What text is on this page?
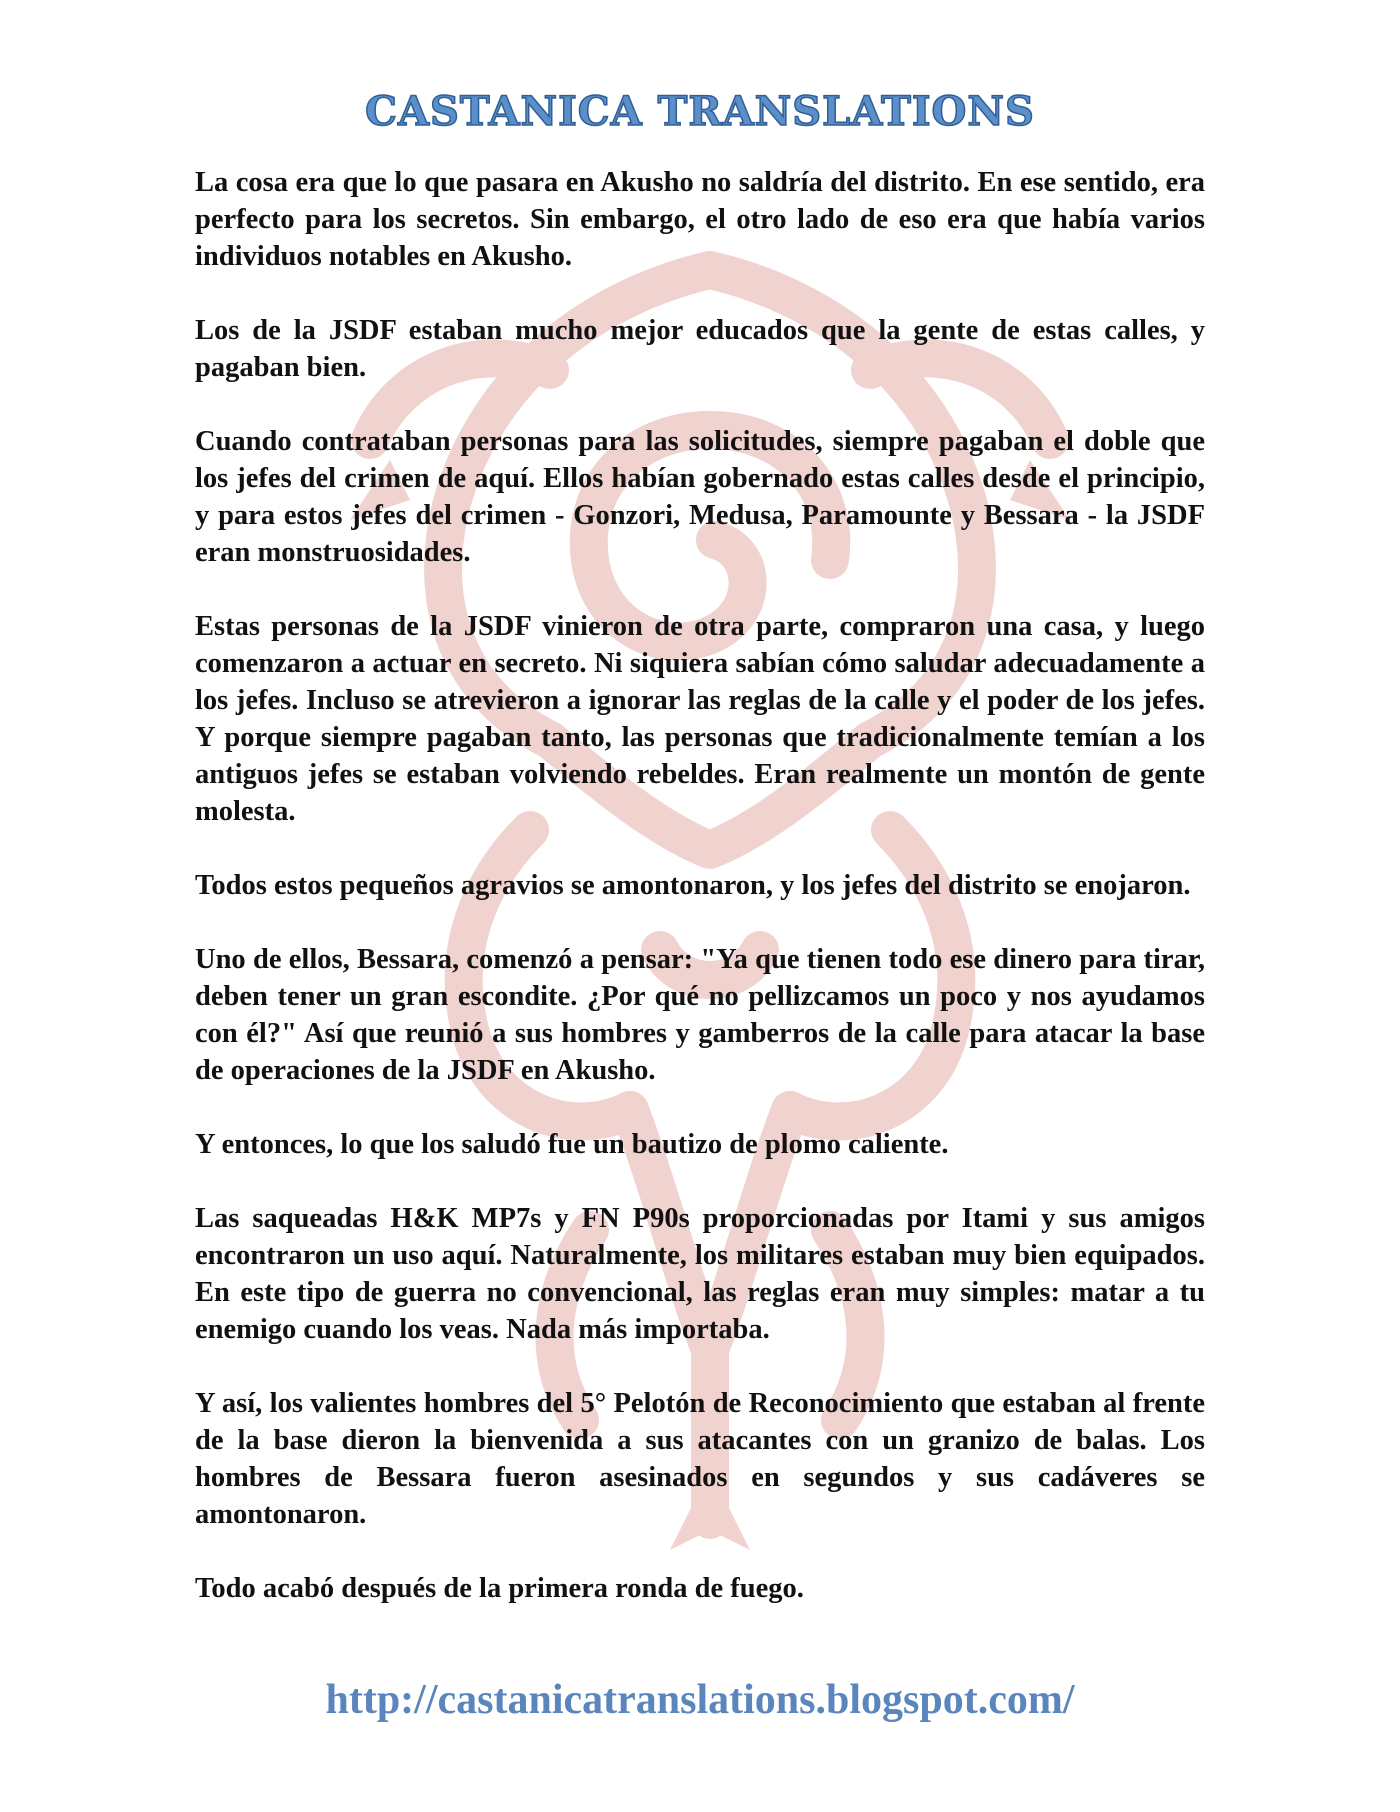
CASTANICA TRANSLATIONS

La cosa era que lo que pasara en Akusho no saldría del distrito. En ese sentido, era perfecto para los secretos. Sin embargo, el otro lado de eso era que había varios individuos notables en Akusho.

Los de la JSDF estaban mucho mejor educados que la gente de estas calles, y pagaban bien.

Cuando contrataban personas para las solicitudes, siempre pagaban el doble que los jefes del crimen de aquí. Ellos habían gobernado estas calles desde el principio, y para estos jefes del crimen - Gonzori, Medusa, Paramounte y Bessara - la JSDF eran monstruosidades.

Estas personas de la JSDF vinieron de otra parte, compraron una casa, y luego comenzaron a actuar en secreto. Ni siquiera sabían cómo saludar adecuadamente a los jefes. Incluso se atrevieron a ignorar las reglas de la calle y el poder de los jefes. Y porque siempre pagaban tanto, las personas que tradicionalmente temían a los antiguos jefes se estaban volviendo rebeldes. Eran realmente un montón de gente molesta.

Todos estos pequeños agravios se amontonaron, y los jefes del distrito se enojaron.

Uno de ellos, Bessara, comenzó a pensar: "Ya que tienen todo ese dinero para tirar, deben tener un gran escondite. ¿Por qué no pellizcamos un poco y nos ayudamos con él?" Así que reunió a sus hombres y gamberros de la calle para atacar la base de operaciones de la JSDF en Akusho.

Y entonces, lo que los saludó fue un bautizo de plomo caliente.

Las saqueadas H&K MP7s y FN P90s proporcionadas por Itami y sus amigos encontraron un uso aquí. Naturalmente, los militares estaban muy bien equipados. En este tipo de guerra no convencional, las reglas eran muy simples: matar a tu enemigo cuando los veas. Nada más importaba.

Y así, los valientes hombres del 5° Pelotón de Reconocimiento que estaban al frente de la base dieron la bienvenida a sus atacantes con un granizo de balas. Los hombres de Bessara fueron asesinados en segundos y sus cadáveres se amontonaron.

Todo acabó después de la primera ronda de fuego.

http://castanicatranslations.blogspot.com/
